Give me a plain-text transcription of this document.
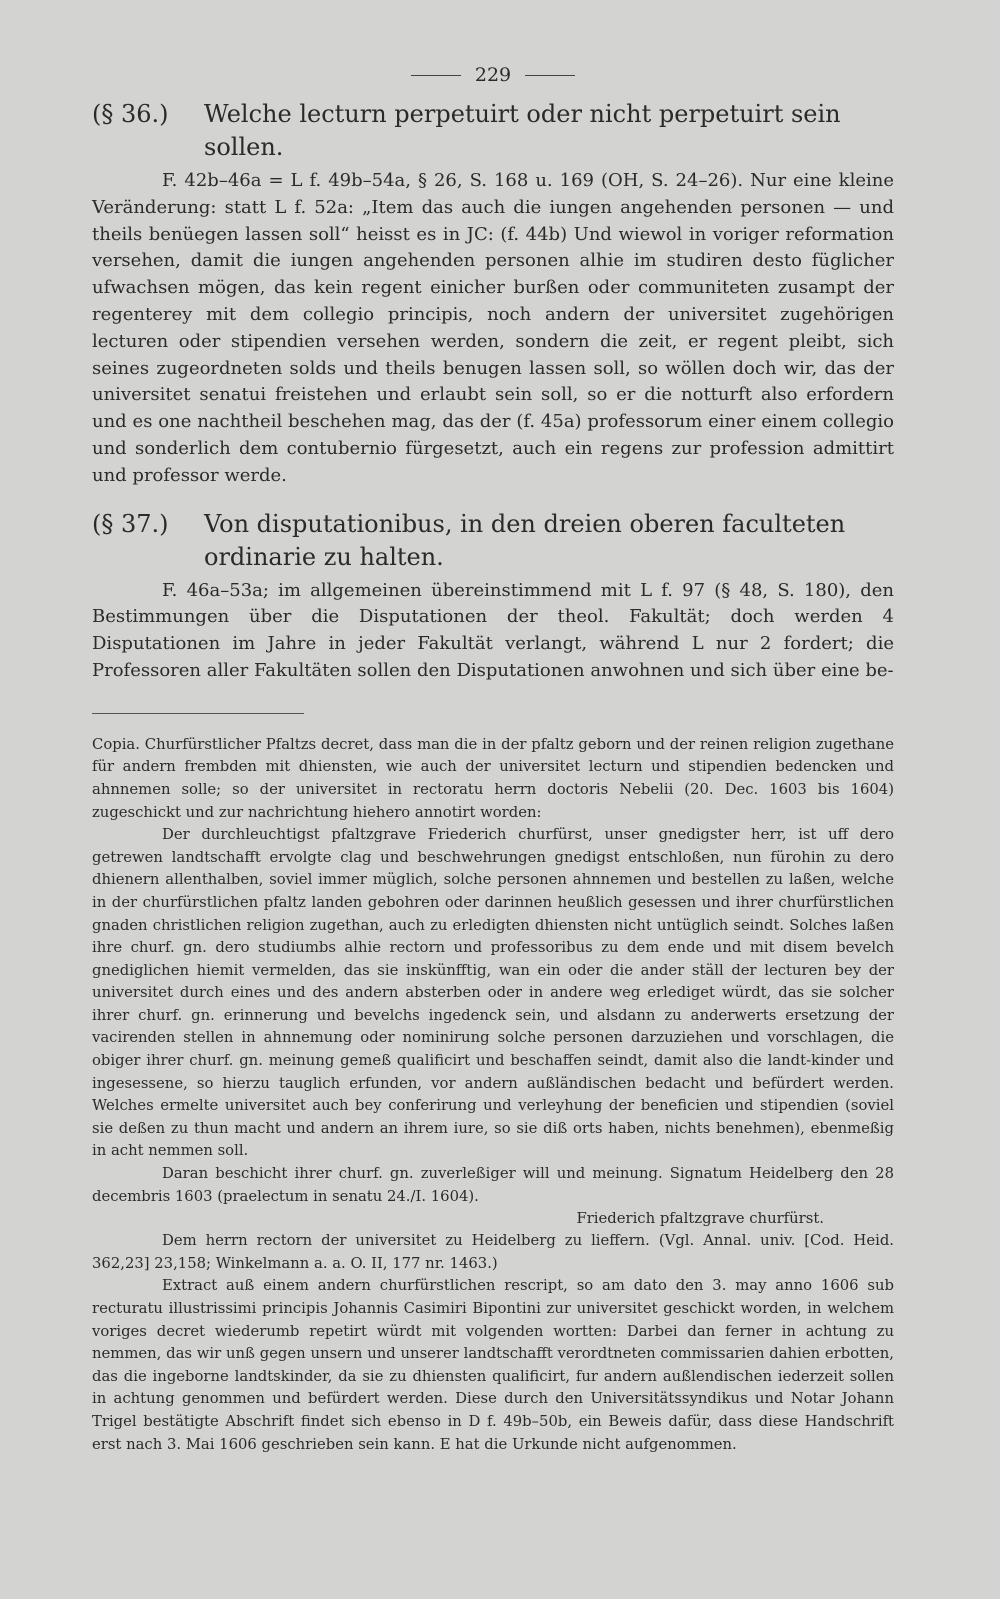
229
(§ 36.)	Welche lecturn perpetuirt oder nicht perpetuirt sein sollen.

F. 42b–46a = L f. 49b–54a, § 26, S. 168 u. 169 (OH, S. 24–26). Nur eine kleine Veränderung: statt L f. 52a: „Item das auch die iungen angehenden personen — und theils benüegen lassen soll“ heisst es in JC: (f. 44b) Und wiewol in voriger reformation versehen, damit die iungen angehenden personen alhie im studiren desto füglicher ufwachsen mögen, das kein regent einicher burßen oder communiteten zusampt der regenterey mit dem collegio principis, noch andern der universitet zugehörigen lecturen oder stipendien versehen werden, sondern die zeit, er regent pleibt, sich seines zugeordneten solds und theils benugen lassen soll, so wöllen doch wir, das der universitet senatui freistehen und erlaubt sein soll, so er die notturft also erfordern und es one nachtheil beschehen mag, das der (f. 45a) professorum einer einem collegio und sonderlich dem contubernio fürgesetzt, auch ein regens zur profession admittirt und professor werde.

(§ 37.)	Von disputationibus, in den dreien oberen faculteten ordinarie zu halten.

F. 46a–53a; im allgemeinen übereinstimmend mit L f. 97 (§ 48, S. 180), den Bestimmungen über die Disputationen der theol. Fakultät; doch werden 4 Disputationen im Jahre in jeder Fakultät verlangt, während L nur 2 fordert; die Professoren aller Fakultäten sollen den Disputationen anwohnen und sich über eine be-

Copia. Churfürstlicher Pfaltzs decret, dass man die in der pfaltz geborn und der reinen religion zugethane für andern frembden mit dhiensten, wie auch der universitet lecturn und stipendien bedencken und ahnnemen solle; so der universitet in rectoratu herrn doctoris Nebelii (20. Dec. 1603 bis 1604) zugeschickt und zur nachrichtung hiehero annotirt worden:

Der durchleuchtigst pfaltzgrave Friederich churfürst, unser gnedigster herr, ist uff dero getrewen landtschafft ervolgte clag und beschwehrungen gnedigst entschloßen, nun fürohin zu dero dhienern allenthalben, soviel immer müglich, solche personen ahnnemen und bestellen zu laßen, welche in der churfürstlichen pfaltz landen gebohren oder darinnen heußlich gesessen und ihrer churfürstlichen gnaden christlichen religion zugethan, auch zu erledigten dhiensten nicht untüglich seindt. Solches laßen ihre churf. gn. dero studiumbs alhie rectorn und professoribus zu dem ende und mit disem bevelch gnediglichen hiemit vermelden, das sie inskünfftig, wan ein oder die ander ställ der lecturen bey der universitet durch eines und des andern absterben oder in andere weg erlediget würdt, das sie solcher ihrer churf. gn. erinnerung und bevelchs ingedenck sein, und alsdann zu anderwerts ersetzung der vacirenden stellen in ahnnemung oder nominirung solche personen darzuziehen und vorschlagen, die obiger ihrer churf. gn. meinung gemeß qualificirt und beschaffen seindt, damit also die landt-kinder und ingesessene, so hierzu tauglich erfunden, vor andern außländischen bedacht und befürdert werden. Welches ermelte universitet auch bey conferirung und verleyhung der beneficien und stipendien (soviel sie deßen zu thun macht und andern an ihrem iure, so sie diß orts haben, nichts benehmen), ebenmeßig in acht nemmen soll.

Daran beschicht ihrer churf. gn. zuverleßiger will und meinung. Signatum Heidelberg den 28 decembris 1603 (praelectum in senatu 24./I. 1604).

Friederich pfaltzgrave churfürst.

Dem herrn rectorn der universitet zu Heidelberg zu lieffern. (Vgl. Annal. univ. [Cod. Heid. 362,23] 23,158; Winkelmann a. a. O. II, 177 nr. 1463.)

Extract auß einem andern churfürstlichen rescript, so am dato den 3. may anno 1606 sub recturatu illustrissimi principis Johannis Casimiri Bipontini zur universitet geschickt worden, in welchem voriges decret wiederumb repetirt würdt mit volgenden wortten: Darbei dan ferner in achtung zu nemmen, das wir unß gegen unsern und unserer landtschafft verordtneten commissarien dahien erbotten, das die ingeborne landtskinder, da sie zu dhiensten qualificirt, fur andern außlendischen iederzeit sollen in achtung genommen und befürdert werden. Diese durch den Universitätssyndikus und Notar Johann Trigel bestätigte Abschrift findet sich ebenso in D f. 49b–50b, ein Beweis dafür, dass diese Handschrift erst nach 3. Mai 1606 geschrieben sein kann. E hat die Urkunde nicht aufgenommen.
